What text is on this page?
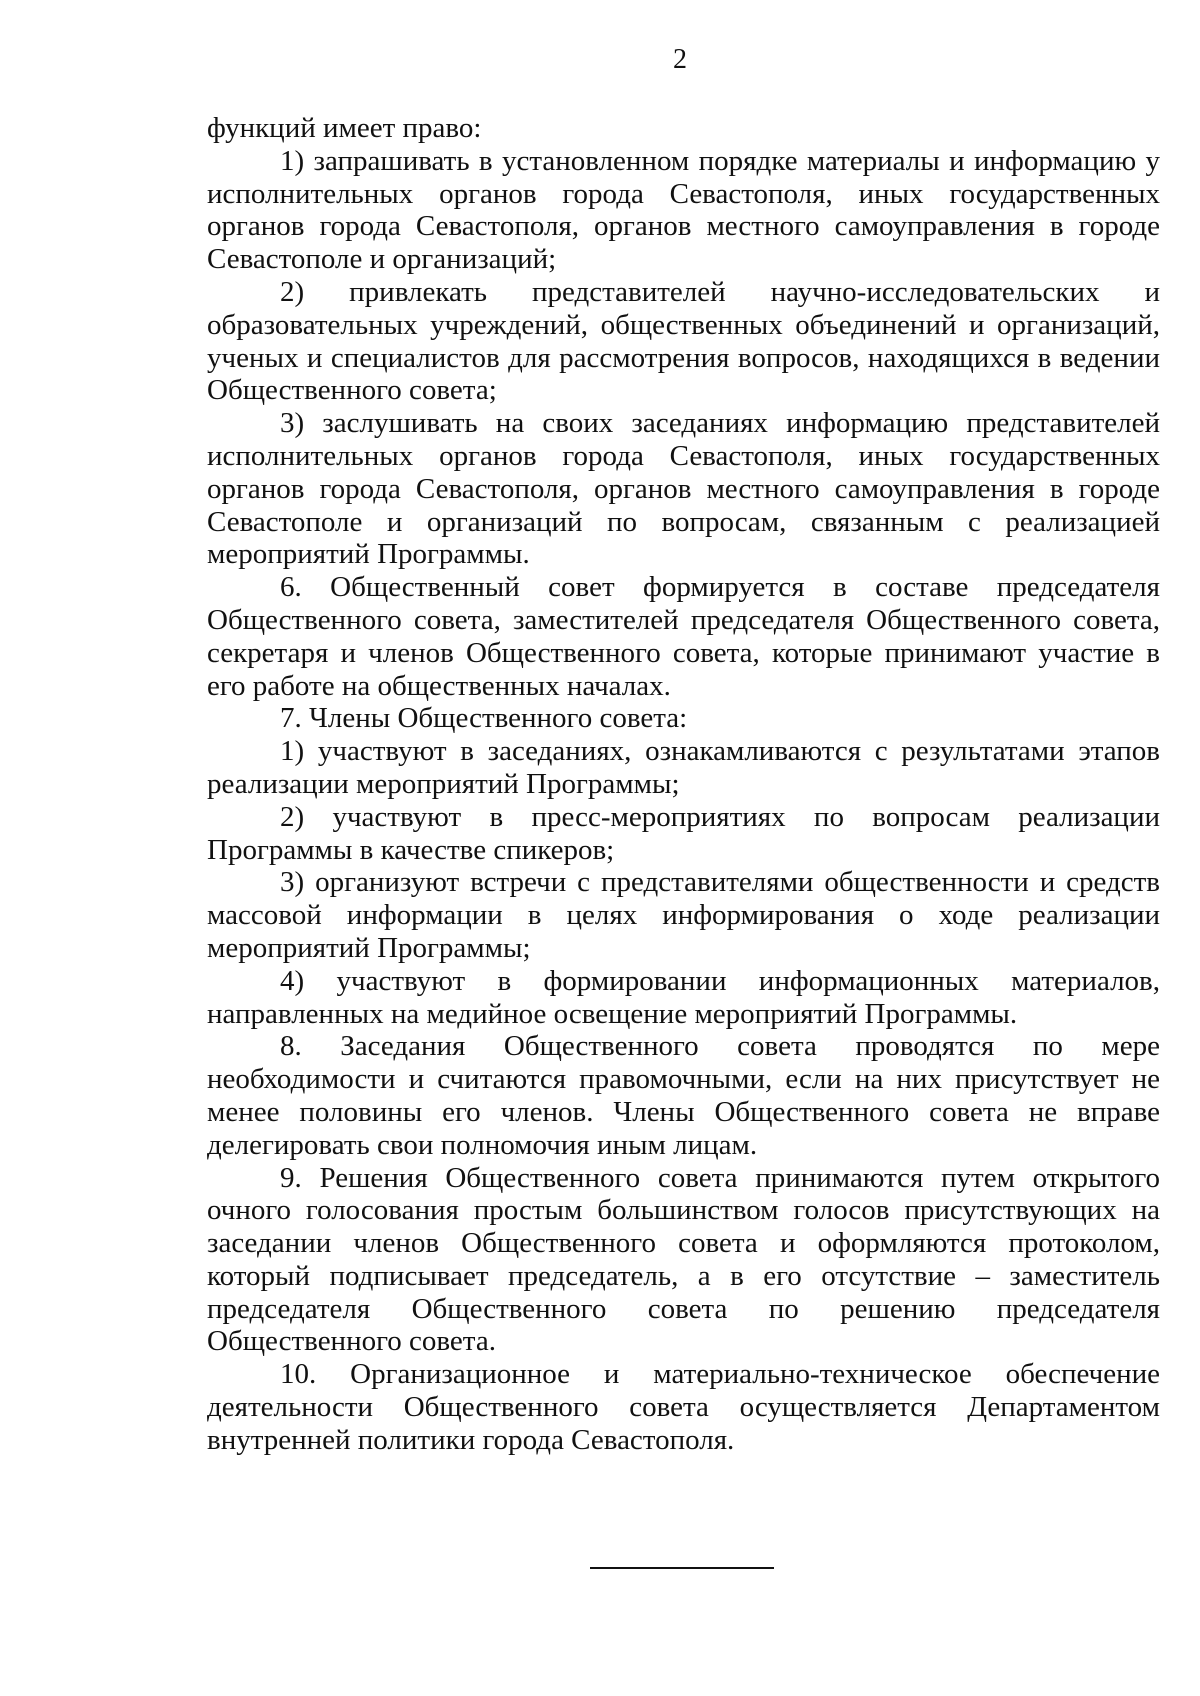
2

функций имеет право:

1) запрашивать в установленном порядке материалы и информацию у исполнительных органов города Севастополя, иных государственных органов города Севастополя, органов местного самоуправления в городе Севастополе и организаций;

2) привлекать представителей научно-исследовательских и образовательных учреждений, общественных объединений и организаций, ученых и специалистов для рассмотрения вопросов, находящихся в ведении Общественного совета;

3) заслушивать на своих заседаниях информацию представителей исполнительных органов города Севастополя, иных государственных органов города Севастополя, органов местного самоуправления в городе Севастополе и организаций по вопросам, связанным с реализацией мероприятий Программы.

6. Общественный совет формируется в составе председателя Общественного совета, заместителей председателя Общественного совета, секретаря и членов Общественного совета, которые принимают участие в его работе на общественных началах.

7. Члены Общественного совета:

1) участвуют в заседаниях, ознакамливаются с результатами этапов реализации мероприятий Программы;

2) участвуют в пресс-мероприятиях по вопросам реализации Программы в качестве спикеров;

3) организуют встречи с представителями общественности и средств массовой информации в целях информирования о ходе реализации мероприятий Программы;

4) участвуют в формировании информационных материалов, направленных на медийное освещение мероприятий Программы.

8. Заседания Общественного совета проводятся по мере необходимости и считаются правомочными, если на них присутствует не менее половины его членов. Члены Общественного совета не вправе делегировать свои полномочия иным лицам.

9. Решения Общественного совета принимаются путем открытого очного голосования простым большинством голосов присутствующих на заседании членов Общественного совета и оформляются протоколом, который подписывает председатель, а в его отсутствие – заместитель председателя Общественного совета по решению председателя Общественного совета.

10. Организационное и материально-техническое обеспечение деятельности Общественного совета осуществляется Департаментом внутренней политики города Севастополя.
